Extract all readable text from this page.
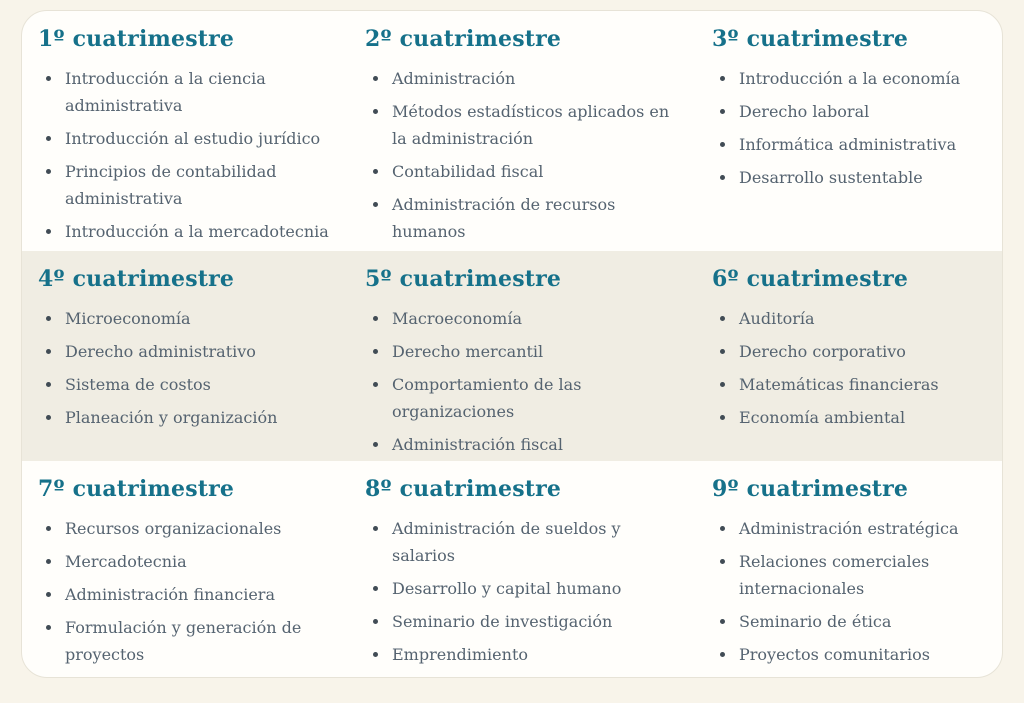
1º cuatrimestre
Introducción a la ciencia administrativa
Introducción al estudio jurídico
Principios de contabilidad administrativa
Introducción a la mercadotecnia
2º cuatrimestre
Administración
Métodos estadísticos aplicados en la administración
Contabilidad fiscal
Administración de recursos humanos
3º cuatrimestre
Introducción a la economía
Derecho laboral
Informática administrativa
Desarrollo sustentable
4º cuatrimestre
Microeconomía
Derecho administrativo
Sistema de costos
Planeación y organización
5º cuatrimestre
Macroeconomía
Derecho mercantil
Comportamiento de las organizaciones
Administración fiscal
6º cuatrimestre
Auditoría
Derecho corporativo
Matemáticas financieras
Economía ambiental
7º cuatrimestre
Recursos organizacionales
Mercadotecnia
Administración financiera
Formulación y generación de proyectos
8º cuatrimestre
Administración de sueldos y salarios
Desarrollo y capital humano
Seminario de investigación
Emprendimiento
9º cuatrimestre
Administración estratégica
Relaciones comerciales internacionales
Seminario de ética
Proyectos comunitarios
